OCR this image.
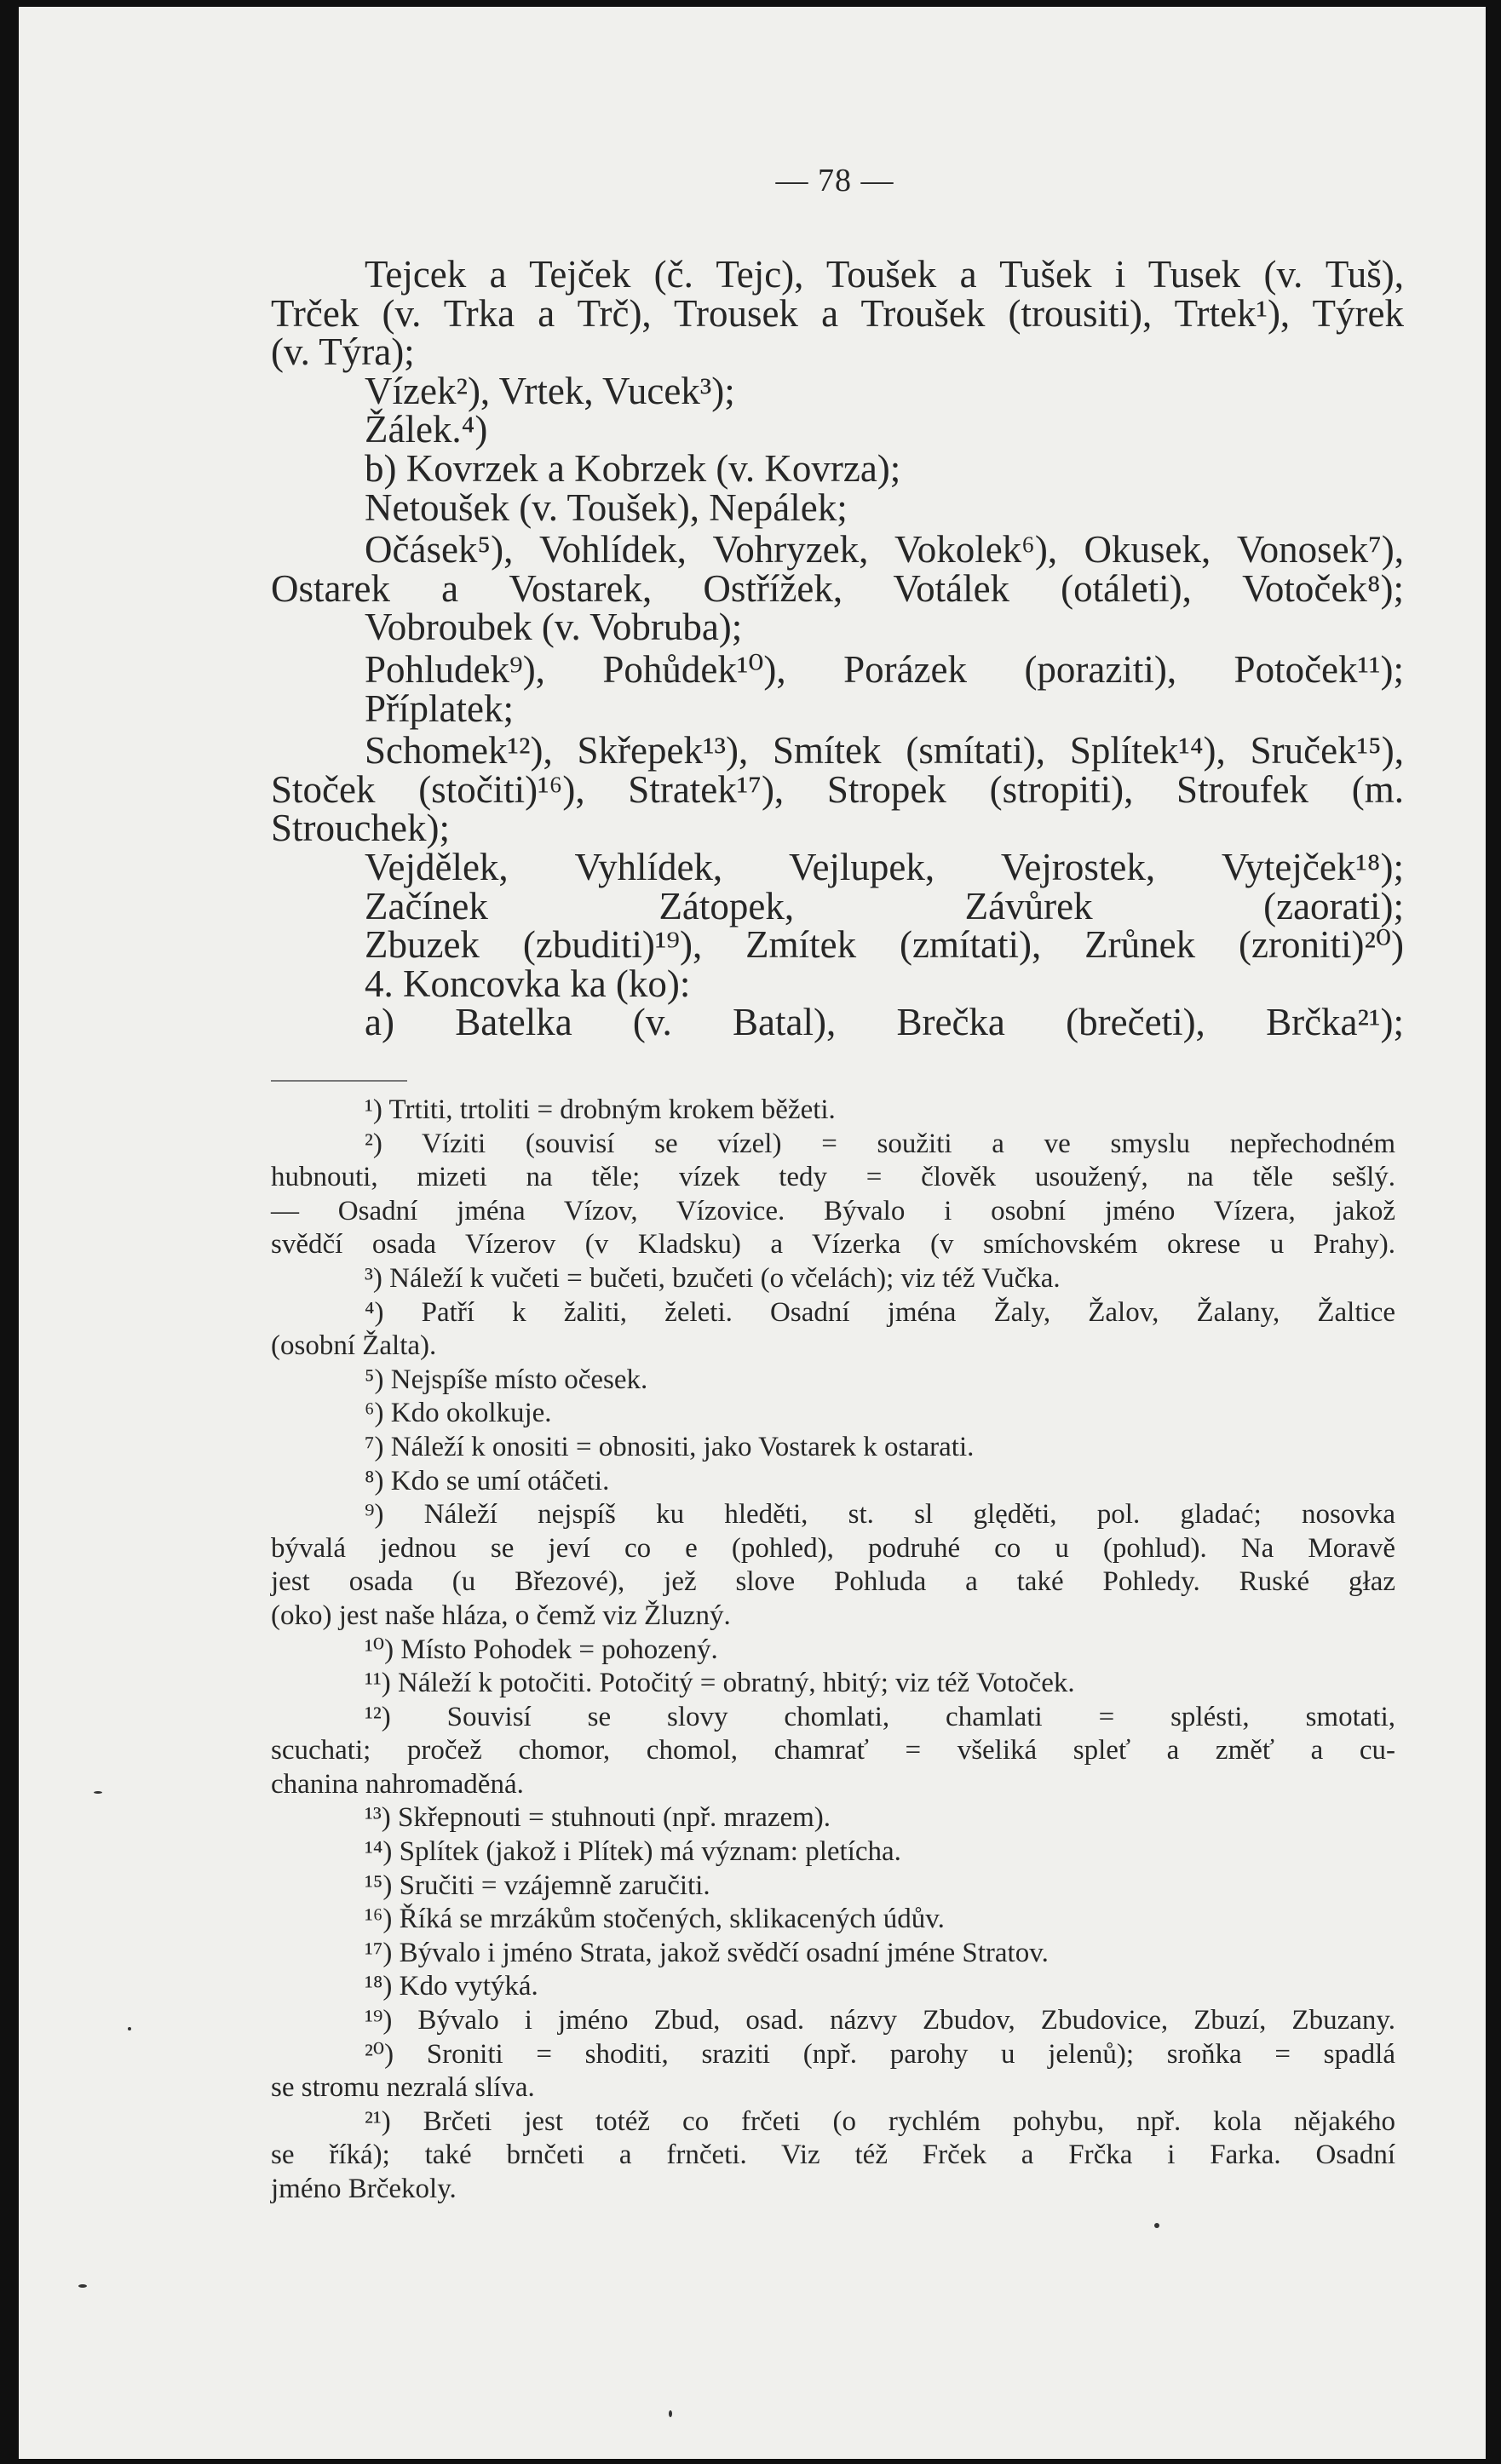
— 78 —
Tejcek a Tejček (č. Tejc), Toušek a Tušek i Tusek (v. Tuš),
Trček (v. Trka a Trč), Trousek a Troušek (trousiti), Trtek¹), Týrek
(v. Týra);
Vízek²), Vrtek, Vucek³);
Žálek.⁴)
b) Kovrzek a Kobrzek (v. Kovrza);
Netoušek (v. Toušek), Nepálek;
Očásek⁵), Vohlídek, Vohryzek, Vokolek⁶), Okusek, Vonosek⁷),
Ostarek a Vostarek, Ostřížek, Votálek (otáleti), Votoček⁸);
Vobroubek (v. Vobruba);
Pohludek⁹), Pohůdek¹⁰), Porázek (poraziti), Potoček¹¹);
Příplatek;
Schomek¹²), Skřepek¹³), Smítek (smítati), Splítek¹⁴), Sruček¹⁵),
Stoček (stočiti)¹⁶), Stratek¹⁷), Stropek (stropiti), Stroufek (m.
Strouchek);
Vejdělek, Vyhlídek, Vejlupek, Vejrostek, Vytejček¹⁸);
Začínek Zátopek, Závůrek (zaorati);
Zbuzek (zbuditi)¹⁹), Zmítek (zmítati), Zrůnek (zroniti)²⁰)
4. Koncovka ka (ko):
a) Batelka (v. Batal), Brečka (brečeti), Brčka²¹);
¹) Trtiti, trtoliti = drobným krokem běžeti.
²) Víziti (souvisí se vízel) = soužiti a ve smyslu nepřechodném
hubnouti, mizeti na těle; vízek tedy = člověk usoužený, na těle sešlý.
— Osadní jména Vízov, Vízovice. Bývalo i osobní jméno Vízera, jakož
svědčí osada Vízerov (v Kladsku) a Vízerka (v smíchovském okrese u Prahy).
³) Náleží k vučeti = bučeti, bzučeti (o včelách); viz též Vučka.
⁴) Patří k žaliti, želeti. Osadní jména Žaly, Žalov, Žalany, Žaltice
(osobní Žalta).
⁵) Nejspíše místo očesek.
⁶) Kdo okolkuje.
⁷) Náleží k onositi = obnositi, jako Vostarek k ostarati.
⁸) Kdo se umí otáčeti.
⁹) Náleží nejspíš ku hleděti, st. sl ględěti, pol. gladać; nosovka
bývalá jednou se jeví co e (pohled), podruhé co u (pohlud). Na Moravě
jest osada (u Březové), jež slove Pohluda a také Pohledy. Ruské głaz
(oko) jest naše hláza, o čemž viz Žluzný.
¹⁰) Místo Pohodek = pohozený.
¹¹) Náleží k potočiti. Potočitý = obratný, hbitý; viz též Votoček.
¹²) Souvisí se slovy chomlati, chamlati = splésti, smotati,
scuchati; pročež chomor, chomol, chamrať = všeliká spleť a změť a cu-
chanina nahromaděná.
¹³) Skřepnouti = stuhnouti (npř. mrazem).
¹⁴) Splítek (jakož i Plítek) má význam: pletícha.
¹⁵) Sručiti = vzájemně zaručiti.
¹⁶) Říká se mrzákům stočených, sklikacených údův.
¹⁷) Bývalo i jméno Strata, jakož svědčí osadní jméne Stratov.
¹⁸) Kdo vytýká.
¹⁹) Bývalo i jméno Zbud, osad. názvy Zbudov, Zbudovice, Zbuzí, Zbuzany.
²⁰) Sroniti = shoditi, sraziti (npř. parohy u jelenů); sroňka = spadlá
se stromu nezralá slíva.
²¹) Brčeti jest totéž co frčeti (o rychlém pohybu, npř. kola nějakého
se říká); také brnčeti a frnčeti. Viz též Frček a Frčka i Farka. Osadní
jméno Brčekoly.
